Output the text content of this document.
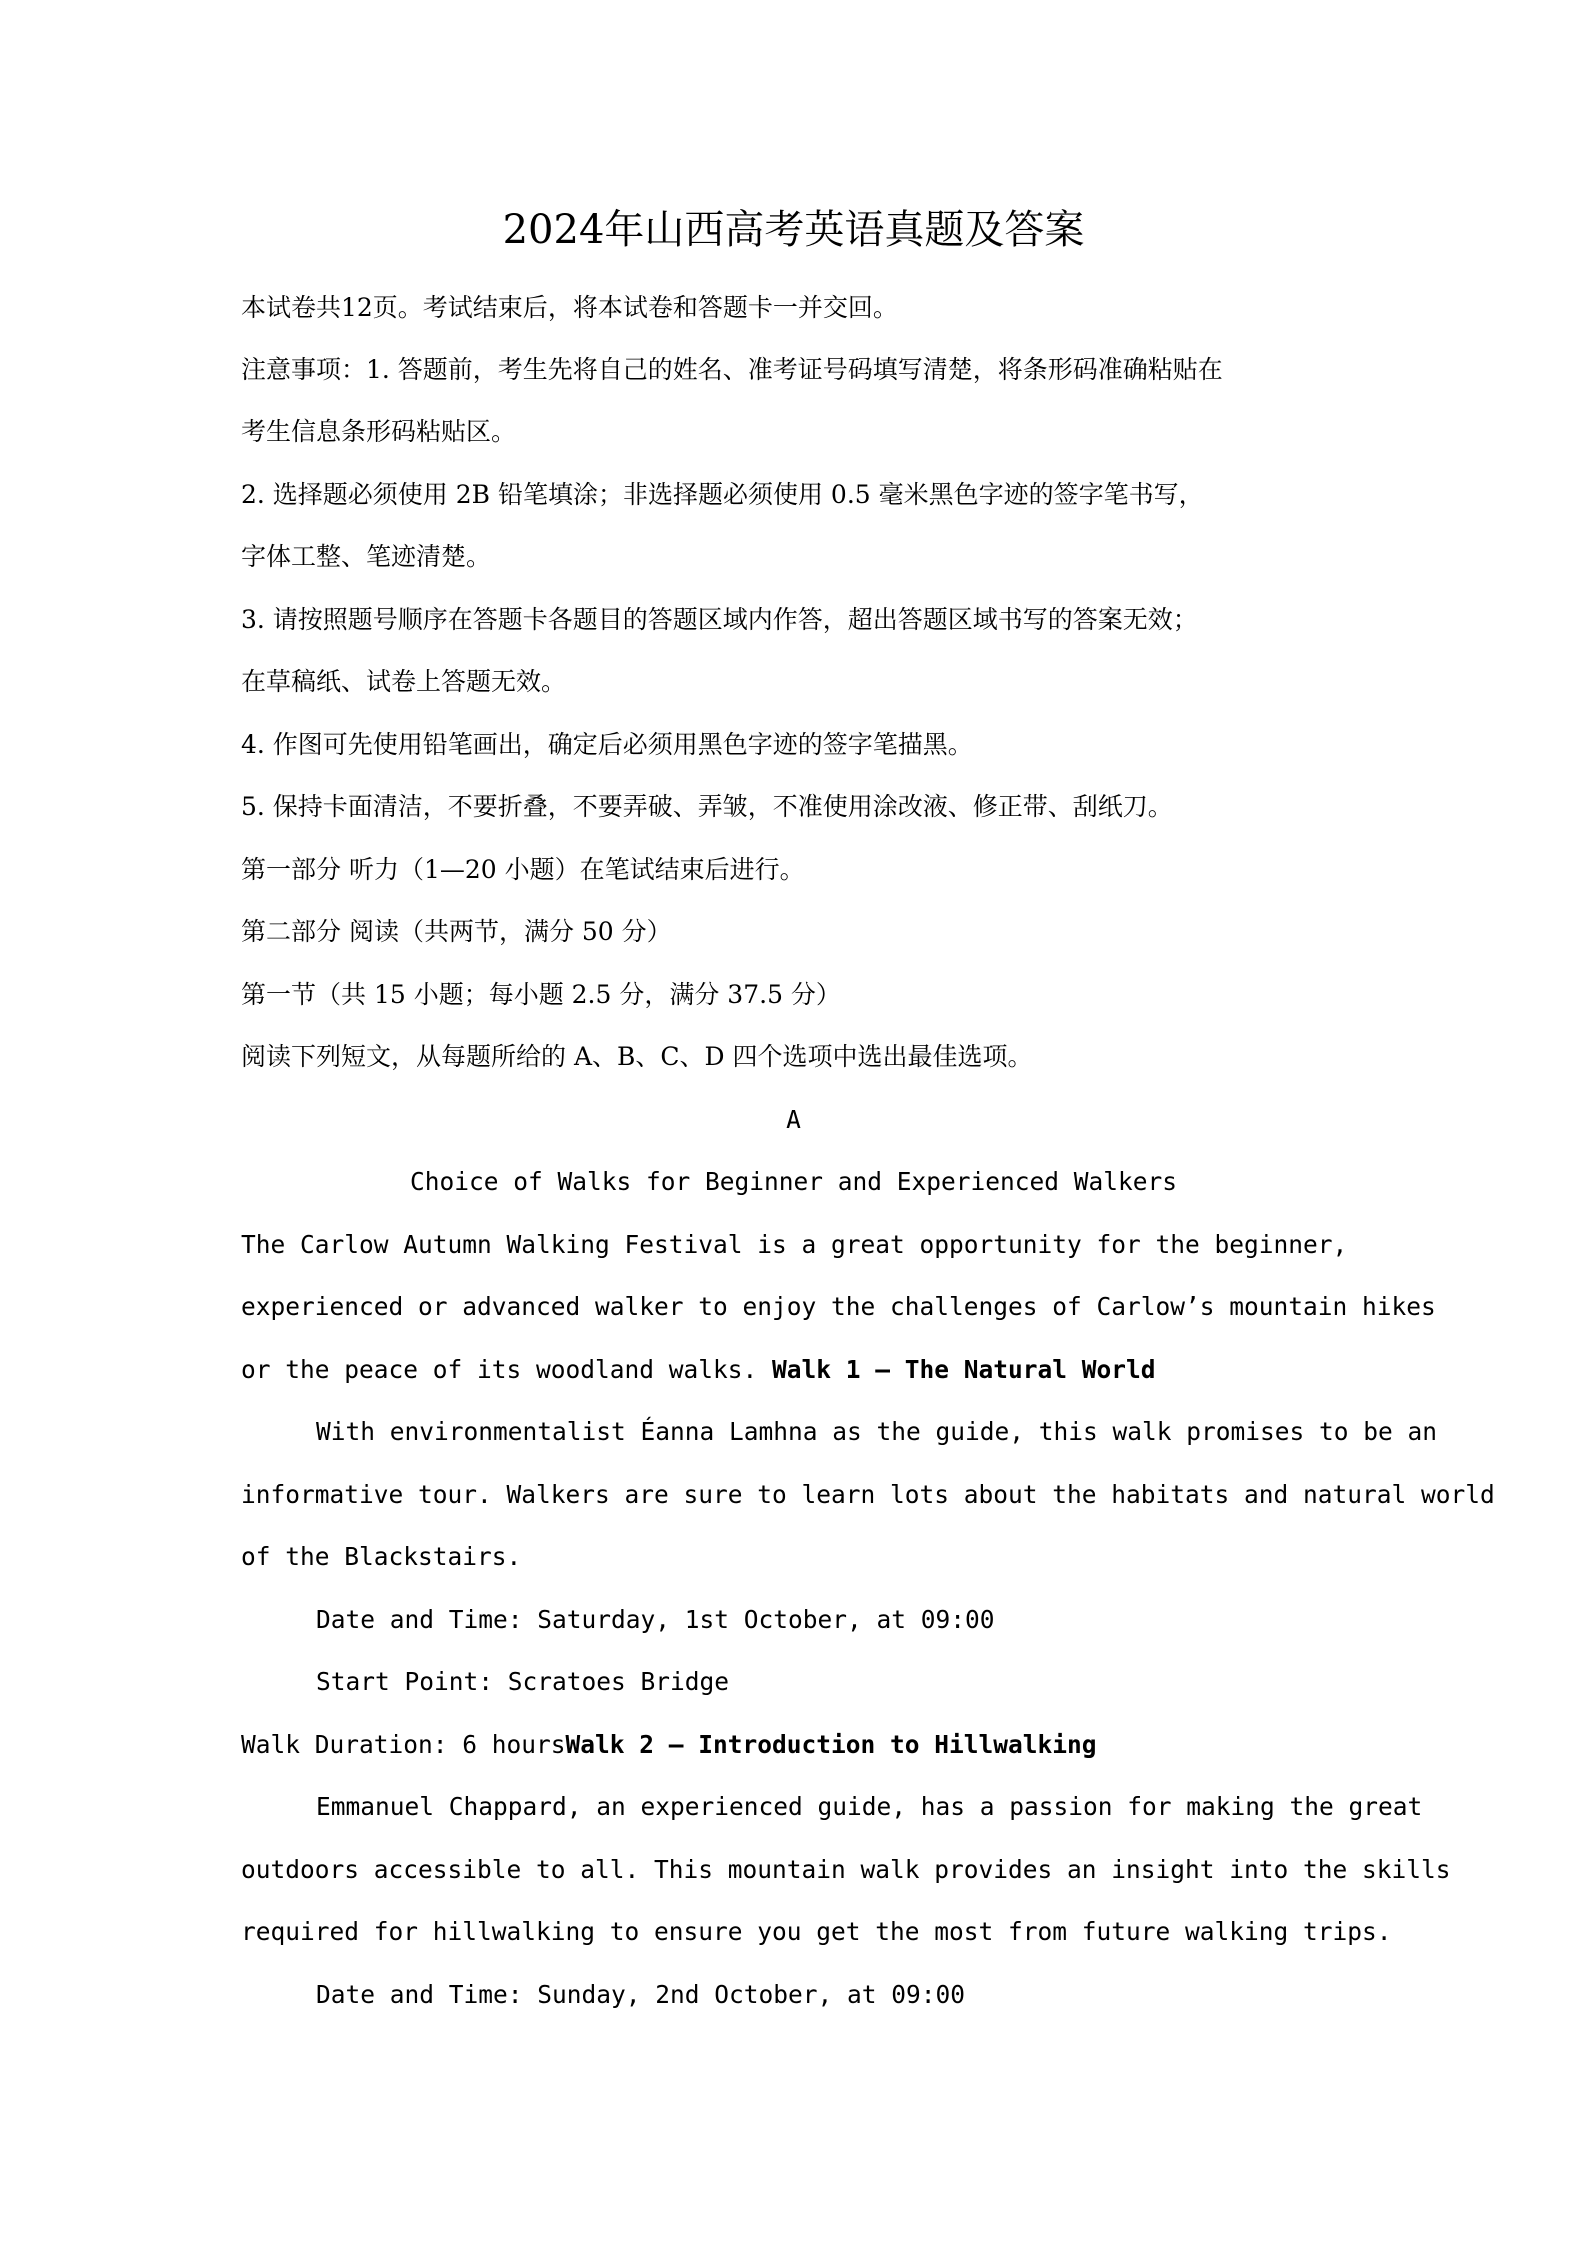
2024年山西高考英语真题及答案
本试卷共12页。考试结束后，将本试卷和答题卡一并交回。
注意事项：1. 答题前，考生先将自己的姓名、准考证号码填写清楚，将条形码准确粘贴在
考生信息条形码粘贴区。
2. 选择题必须使用 2B 铅笔填涂；非选择题必须使用 0.5 毫米黑色字迹的签字笔书写，
字体工整、笔迹清楚。
3. 请按照题号顺序在答题卡各题目的答题区域内作答，超出答题区域书写的答案无效；
在草稿纸、试卷上答题无效。
4. 作图可先使用铅笔画出，确定后必须用黑色字迹的签字笔描黑。
5. 保持卡面清洁，不要折叠，不要弄破、弄皱，不准使用涂改液、修正带、刮纸刀。
第一部分 听力（1—20 小题）在笔试结束后进行。
第二部分 阅读（共两节，满分 50 分）
第一节（共 15 小题；每小题 2.5 分，满分 37.5 分）
阅读下列短文，从每题所给的 A、B、C、D 四个选项中选出最佳选项。
A
Choice of Walks for Beginner and Experienced Walkers
The Carlow Autumn Walking Festival is a great opportunity for the beginner,
experienced or advanced walker to enjoy the challenges of Carlow’s mountain hikes
or the peace of its woodland walks. Walk 1 — The Natural World
With environmentalist Éanna Lamhna as the guide, this walk promises to be an
informative tour. Walkers are sure to learn lots about the habitats and natural world
of the Blackstairs.
Date and Time: Saturday, 1st October, at 09:00
Start Point: Scratoes Bridge
Walk Duration: 6 hoursWalk 2 — Introduction to Hillwalking
Emmanuel Chappard, an experienced guide, has a passion for making the great
outdoors accessible to all. This mountain walk provides an insight into the skills
required for hillwalking to ensure you get the most from future walking trips.
Date and Time: Sunday, 2nd October, at 09:00
